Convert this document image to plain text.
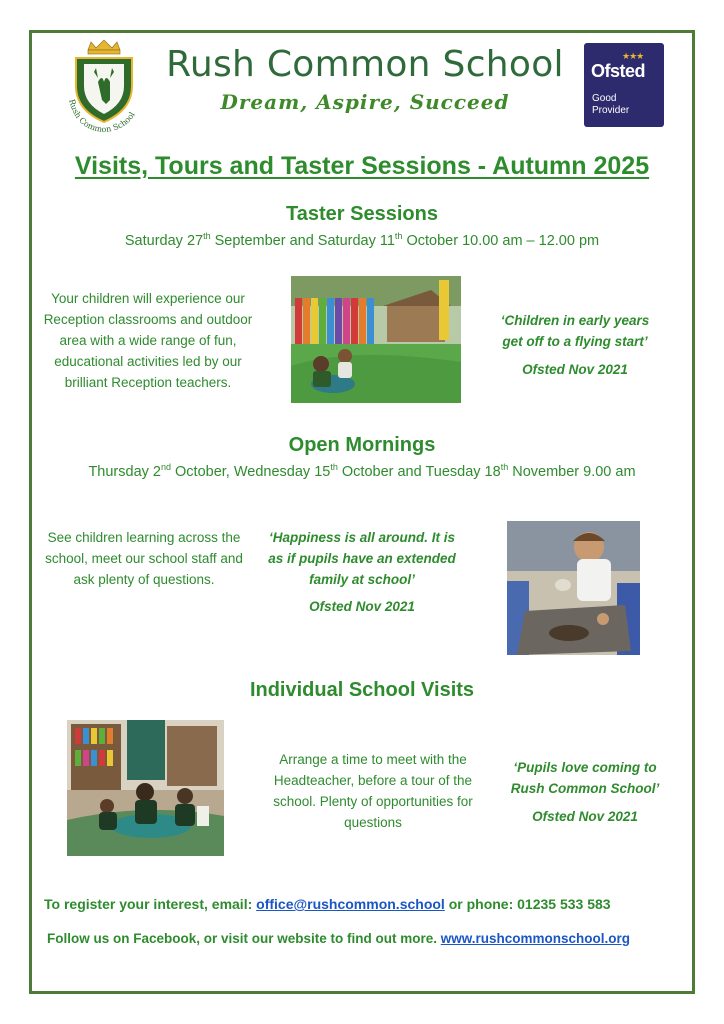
Rush Common School
Rush Common School
Dream, Aspire, Succeed
★★★
Ofsted
Good
Provider
Visits, Tours and Taster Sessions - Autumn 2025
Taster Sessions
Saturday 27th September and Saturday 11th October 10.00 am – 12.00 pm
Your children will experience our Reception classrooms and outdoor area with a wide range of fun, educational activities led by our brilliant Reception teachers.
‘Children in early years get off to a flying start’
Ofsted Nov 2021
Open Mornings
Thursday 2nd October, Wednesday 15th October and Tuesday 18th November 9.00 am
See children learning across the school, meet our school staff and ask plenty of questions.
‘Happiness is all around. It is as if pupils have an extended family at school’
Ofsted Nov 2021
Individual School Visits
Arrange a time to meet with the Headteacher, before a tour of the school. Plenty of opportunities for questions
‘Pupils love coming to Rush Common School’
Ofsted Nov 2021
To register your interest, email: office@rushcommon.school or phone: 01235 533 583
Follow us on Facebook, or visit our website to find out more. www.rushcommonschool.org
